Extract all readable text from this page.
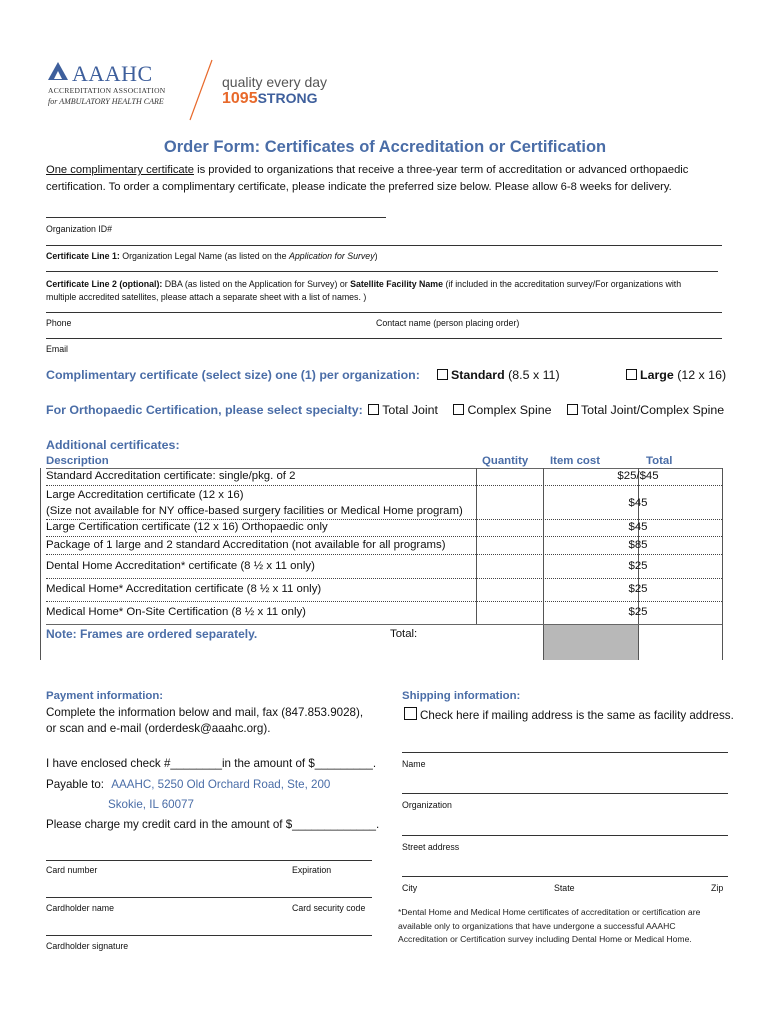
AAAHC
ACCREDITATION ASSOCIATION
for AMBULATORY HEALTH CARE
quality every day
1095STRONG
Order Form: Certificates of Accreditation or Certification
One complimentary certificate is provided to organizations that receive a three-year term of accreditation or advanced orthopaedic
certification. To order a complimentary certificate, please indicate the preferred size below. Please allow 6-8 weeks for delivery.
Organization ID#
Certificate Line 1: Organization Legal Name (as listed on the Application for Survey)
Certificate Line 2 (optional): DBA (as listed on the Application for Survey) or Satellite Facility Name (if included in the accreditation survey/For organizations with
multiple accredited satellites, please attach a separate sheet with a list of names. )
Phone	Contact name (person placing order)
Email
Complimentary certificate (select size) one (1) per organization:	Standard (8.5 x 11)	Large (12 x 16)
For Orthopaedic Certification, please select specialty: Total Joint Complex Spine Total Joint/Complex Spine
Additional certificates:
Description	Quantity Item cost	Total
Standard Accreditation certificate: single/pkg. of 2	$25/$45
Large Accreditation certificate (12 x 16)
(Size not available for NY office-based surgery facilities or Medical Home program)
$45
Large Certification certificate (12 x 16) Orthopaedic only	$45
Package of 1 large and 2 standard Accreditation (not available for all programs)	$85
Dental Home Accreditation* certificate (8 ½ x 11 only)	$25
Medical Home* Accreditation certificate (8 ½ x 11 only)	$25
Medical Home* On-Site Certification (8 ½ x 11 only)	$25
Note: Frames are ordered separately.	Total:
Payment information:
Complete the information below and mail, fax (847.853.9028),
or scan and e-mail (orderdesk@aaahc.org).
I have enclosed check #________in the amount of $_________.
Payable to: AAAHC, 5250 Old Orchard Road, Ste, 200
Skokie, IL 60077
Please charge my credit card in the amount of $_____________.
Card number	Expiration
Cardholder name	Card security code
Cardholder signature
Shipping information:
Check here if mailing address is the same as facility address.
Name
Organization
Street address
City	State	Zip
*Dental Home and Medical Home certificates of accreditation or certification are
available only to organizations that have undergone a successful AAAHC
Accreditation or Certification survey including Dental Home or Medical Home.
